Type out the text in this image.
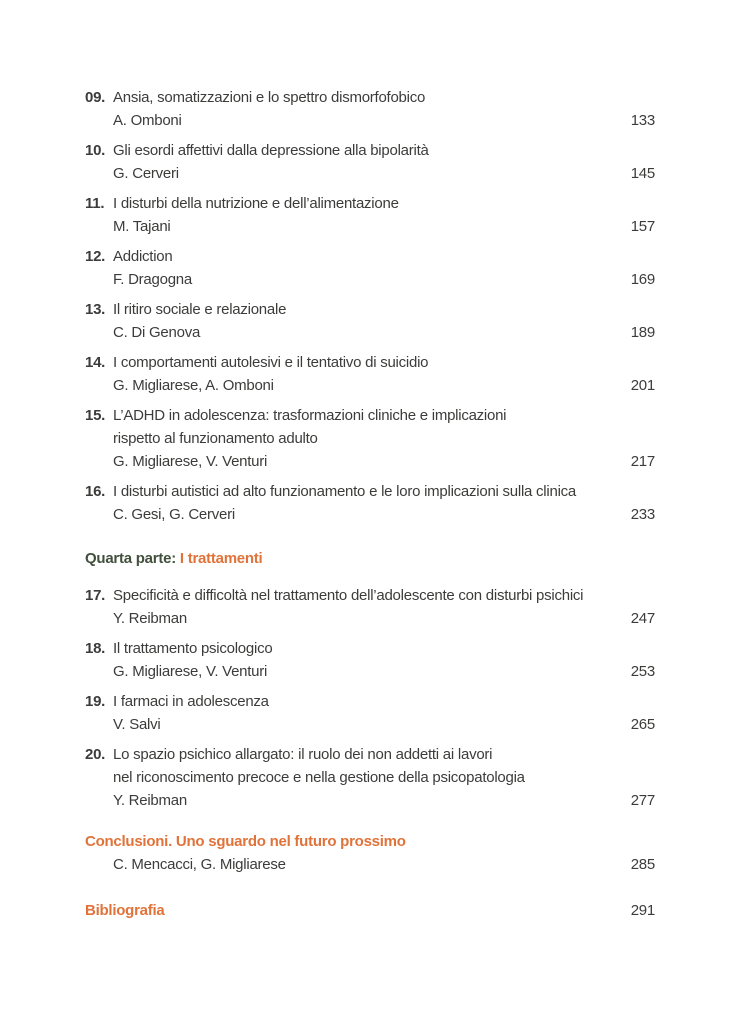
09. Ansia, somatizzazioni e lo spettro dismorfofobico
A. Omboni	133
10. Gli esordi affettivi dalla depressione alla bipolarità
G. Cerveri	145
11. I disturbi della nutrizione e dell’alimentazione
M. Tajani	157
12. Addiction
F. Dragogna	169
13. Il ritiro sociale e relazionale
C. Di Genova	189
14. I comportamenti autolesivi e il tentativo di suicidio
G. Migliarese, A. Omboni	201
15. L’ADHD in adolescenza: trasformazioni cliniche e implicazioni
rispetto al funzionamento adulto
G. Migliarese, V. Venturi	217
16. I disturbi autistici ad alto funzionamento e le loro implicazioni sulla clinica
C. Gesi, G. Cerveri	233
Quarta parte: I trattamenti
17. Specificità e difficoltà nel trattamento dell’adolescente con disturbi psichici
Y. Reibman	247
18. Il trattamento psicologico
G. Migliarese, V. Venturi	253
19. I farmaci in adolescenza
V. Salvi	265
20. Lo spazio psichico allargato: il ruolo dei non addetti ai lavori
nel riconoscimento precoce e nella gestione della psicopatologia
Y. Reibman	277
Conclusioni. Uno sguardo nel futuro prossimo
C. Mencacci, G. Migliarese	285
Bibliografia	291
